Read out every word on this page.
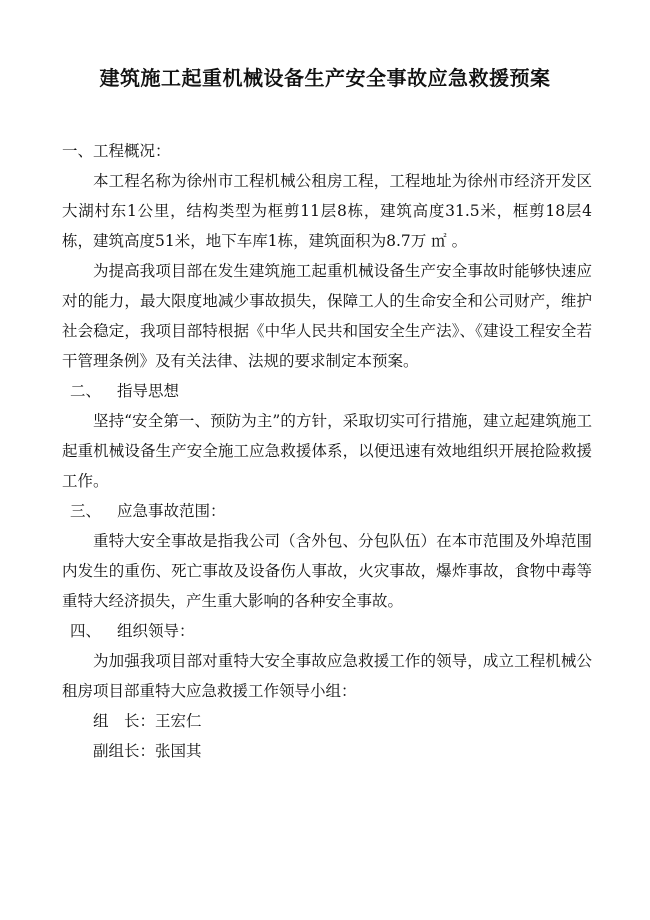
建筑施工起重机械设备生产安全事故应急救援预案
一、工程概况：

本工程名称为徐州市工程机械公租房工程，工程地址为徐州市经济开发区大湖村东1公里，结构类型为框剪11层8栋，建筑高度31.5米，框剪18层4栋，建筑高度51米，地下车库1栋，建筑面积为8.7万 ㎡ 。

为提高我项目部在发生建筑施工起重机械设备生产安全事故时能够快速应对的能力，最大限度地减少事故损失，保障工人的生命安全和公司财产，维护社会稳定，我项目部特根据《中华人民共和国安全生产法》、《建设工程安全若干管理条例》及有关法律、法规的要求制定本预案。

二、 指导思想

坚持“安全第一、预防为主”的方针，采取切实可行措施，建立起建筑施工起重机械设备生产安全施工应急救援体系，以便迅速有效地组织开展抢险救援工作。

三、 应急事故范围：

重特大安全事故是指我公司（含外包、分包队伍）在本市范围及外埠范围内发生的重伤、死亡事故及设备伤人事故，火灾事故，爆炸事故，食物中毒等重特大经济损失，产生重大影响的各种安全事故。

四、 组织领导：

为加强我项目部对重特大安全事故应急救援工作的领导，成立工程机械公租房项目部重特大应急救援工作领导小组：

组　长：王宏仁
副组长：张国其
